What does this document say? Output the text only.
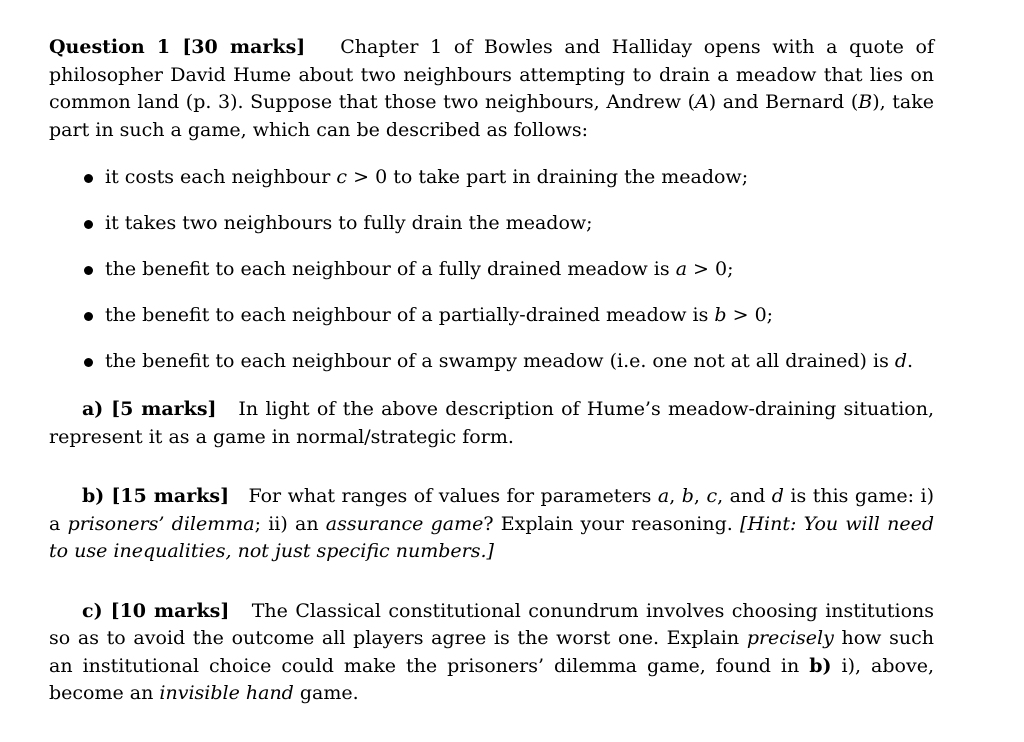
Question 1 [30 marks] Chapter 1 of Bowles and Halliday opens with a quote of philosopher David Hume about two neighbours attempting to drain a meadow that lies on common land (p. 3). Suppose that those two neighbours, Andrew (A) and Bernard (B), take part in such a game, which can be described as follows:

it costs each neighbour c > 0 to take part in draining the meadow;
it takes two neighbours to fully drain the meadow;
the benefit to each neighbour of a fully drained meadow is a > 0;
the benefit to each neighbour of a partially-drained meadow is b > 0;
the benefit to each neighbour of a swampy meadow (i.e. one not at all drained) is d.

a) [5 marks] In light of the above description of Hume’s meadow-draining situation, represent it as a game in normal/strategic form.

b) [15 marks] For what ranges of values for parameters a, b, c, and d is this game: i) a prisoners’ dilemma; ii) an assurance game? Explain your reasoning. [Hint: You will need to use inequalities, not just specific numbers.]

c) [10 marks] The Classical constitutional conundrum involves choosing institutions so as to avoid the outcome all players agree is the worst one. Explain precisely how such an institutional choice could make the prisoners’ dilemma game, found in b) i), above, become an invisible hand game.
